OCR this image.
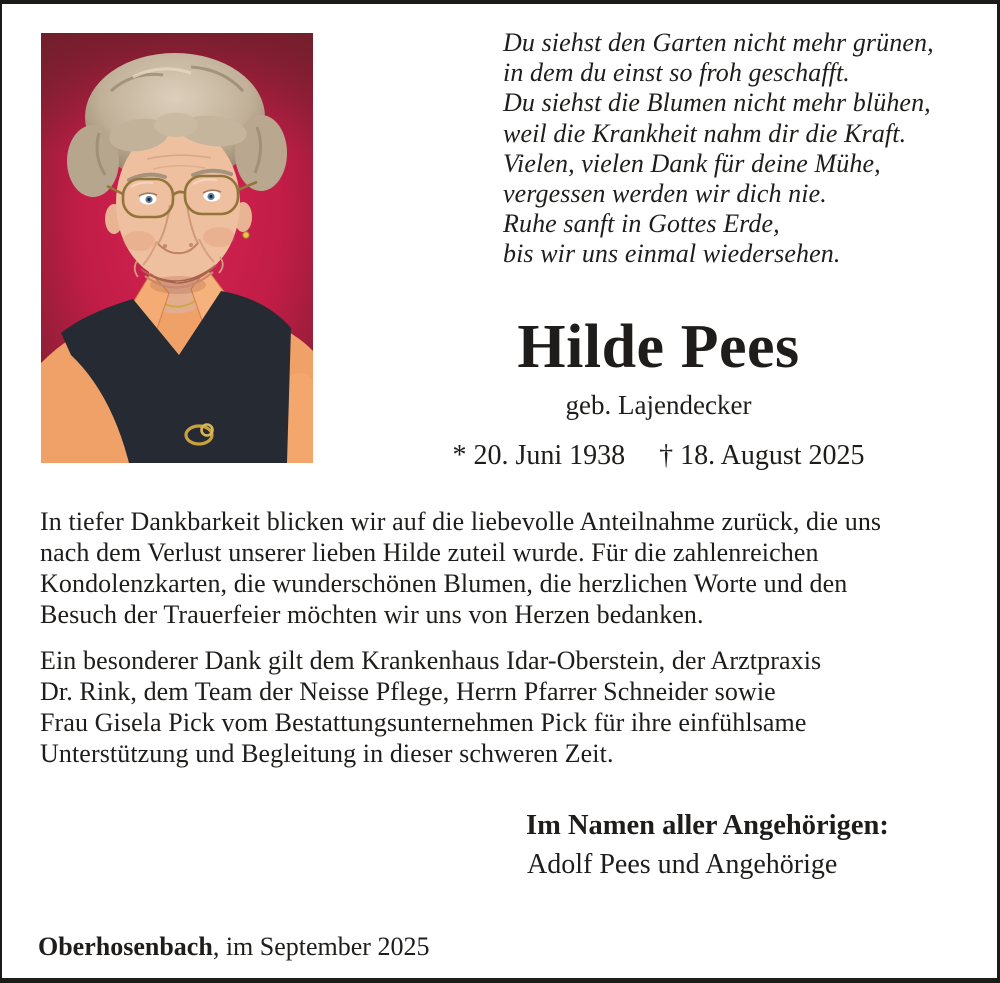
Du siehst den Garten nicht mehr grünen,
in dem du einst so froh geschafft.
Du siehst die Blumen nicht mehr blühen,
weil die Krankheit nahm dir die Kraft.
Vielen, vielen Dank für deine Mühe,
vergessen werden wir dich nie.
Ruhe sanft in Gottes Erde,
bis wir uns einmal wiedersehen.
Hilde Pees
geb. Lajendecker
* 20. Juni 1938 † 18. August 2025
In tiefer Dankbarkeit blicken wir auf die liebevolle Anteilnahme zurück, die uns
nach dem Verlust unserer lieben Hilde zuteil wurde. Für die zahlenreichen
Kondolenzkarten, die wunderschönen Blumen, die herzlichen Worte und den
Besuch der Trauerfeier möchten wir uns von Herzen bedanken.
Ein besonderer Dank gilt dem Krankenhaus Idar-Oberstein, der Arztpraxis
Dr. Rink, dem Team der Neisse Pflege, Herrn Pfarrer Schneider sowie
Frau Gisela Pick vom Bestattungsunternehmen Pick für ihre einfühlsame
Unterstützung und Begleitung in dieser schweren Zeit.
Im Namen aller Angehörigen:
Adolf Pees und Angehörige
Oberhosenbach, im September 2025
